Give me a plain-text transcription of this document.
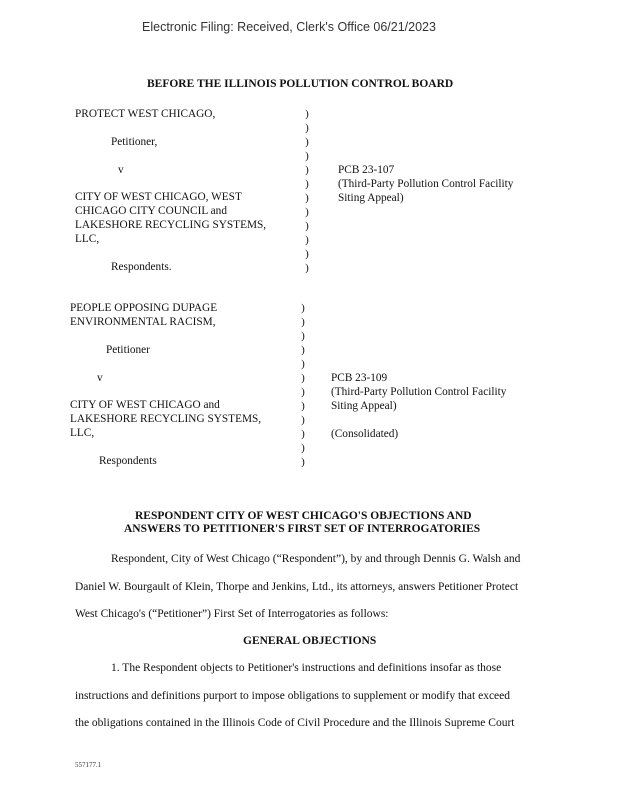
Electronic Filing: Received, Clerk's Office 06/21/2023
BEFORE THE ILLINOIS POLLUTION CONTROL BOARD
PROTECT WEST CHICAGO,
Petitioner,
v
CITY OF WEST CHICAGO, WEST
CHICAGO CITY COUNCIL and
LAKESHORE RECYCLING SYSTEMS,
LLC,
Respondents.
)
)
)
)
)
)
)
)
)
)
)
)
PCB 23-107
(Third-Party Pollution Control Facility
Siting Appeal)
PEOPLE OPPOSING DUPAGE
ENVIRONMENTAL RACISM,
Petitioner
v
CITY OF WEST CHICAGO and
LAKESHORE RECYCLING SYSTEMS,
LLC,
Respondents
)
)
)
)
)
)
)
)
)
)
)
)
PCB 23-109
(Third-Party Pollution Control Facility
Siting Appeal)
(Consolidated)
RESPONDENT CITY OF WEST CHICAGO'S OBJECTIONS AND
ANSWERS TO PETITIONER'S FIRST SET OF INTERROGATORIES
Respondent, City of West Chicago (“Respondent”), by and through Dennis G. Walsh and
Daniel W. Bourgault of Klein, Thorpe and Jenkins, Ltd., its attorneys, answers Petitioner Protect
West Chicago's (“Petitioner”) First Set of Interrogatories as follows:
GENERAL OBJECTIONS
1. The Respondent objects to Petitioner's instructions and definitions insofar as those
instructions and definitions purport to impose obligations to supplement or modify that exceed
the obligations contained in the Illinois Code of Civil Procedure and the Illinois Supreme Court
557177.1
